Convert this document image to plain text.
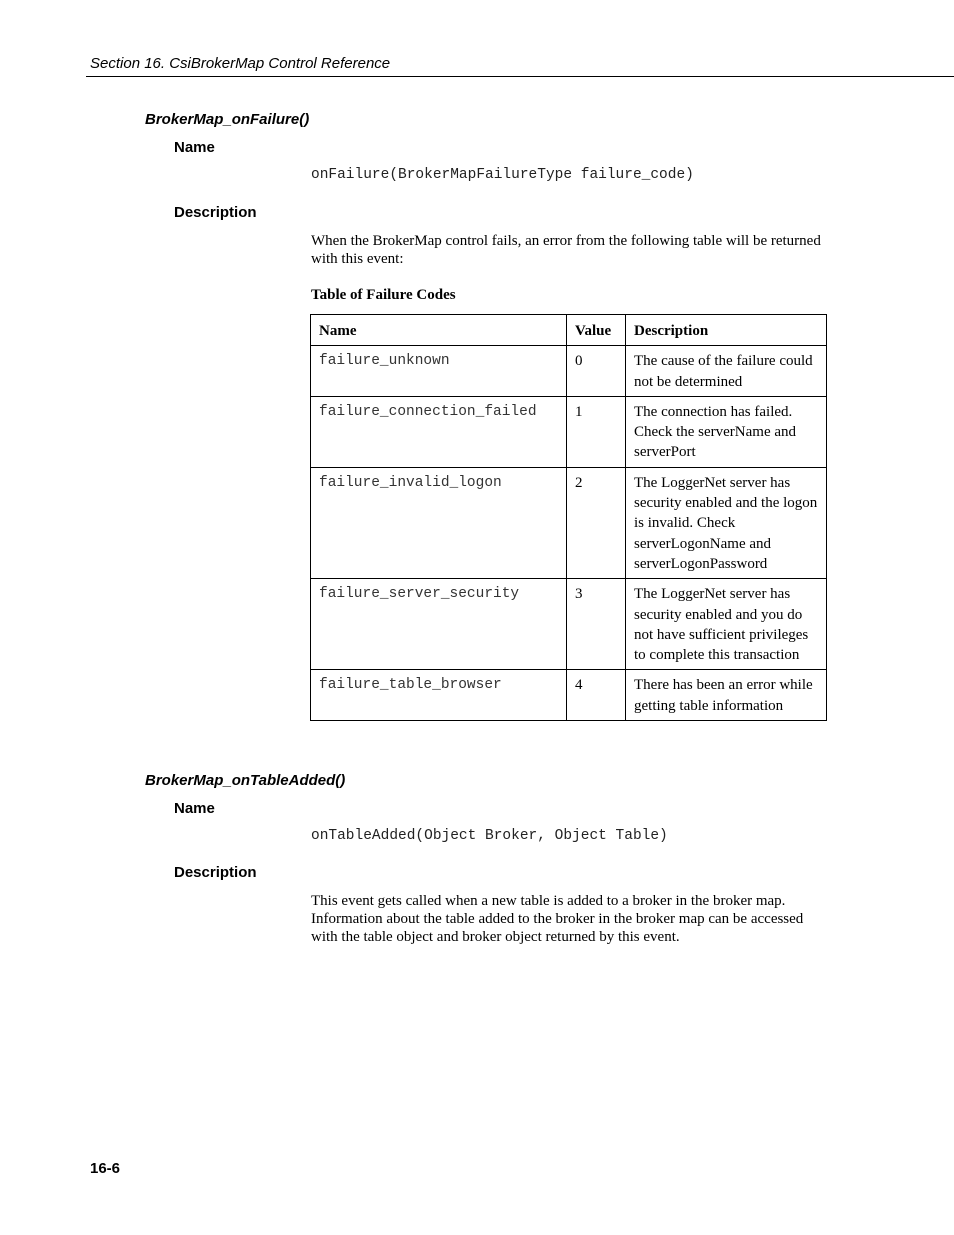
Section 16. CsiBrokerMap Control Reference
BrokerMap_onFailure()
Name
onFailure(BrokerMapFailureType failure_code)
Description
When the BrokerMap control fails, an error from the following table will be returned with this event:
Table of Failure Codes
Name	Value	Description
failure_unknown	0	The cause of the failure could not be determined
failure_connection_failed	1	The connection has failed. Check the serverName and serverPort
failure_invalid_logon	2	The LoggerNet server has security enabled and the logon is invalid. Check serverLogonName and serverLogonPassword
failure_server_security	3	The LoggerNet server has security enabled and you do not have sufficient privileges to complete this transaction
failure_table_browser	4	There has been an error while getting table information
BrokerMap_onTableAdded()
Name
onTableAdded(Object Broker, Object Table)
Description
This event gets called when a new table is added to a broker in the broker map. Information about the table added to the broker in the broker map can be accessed with the table object and broker object returned by this event.
16-6
